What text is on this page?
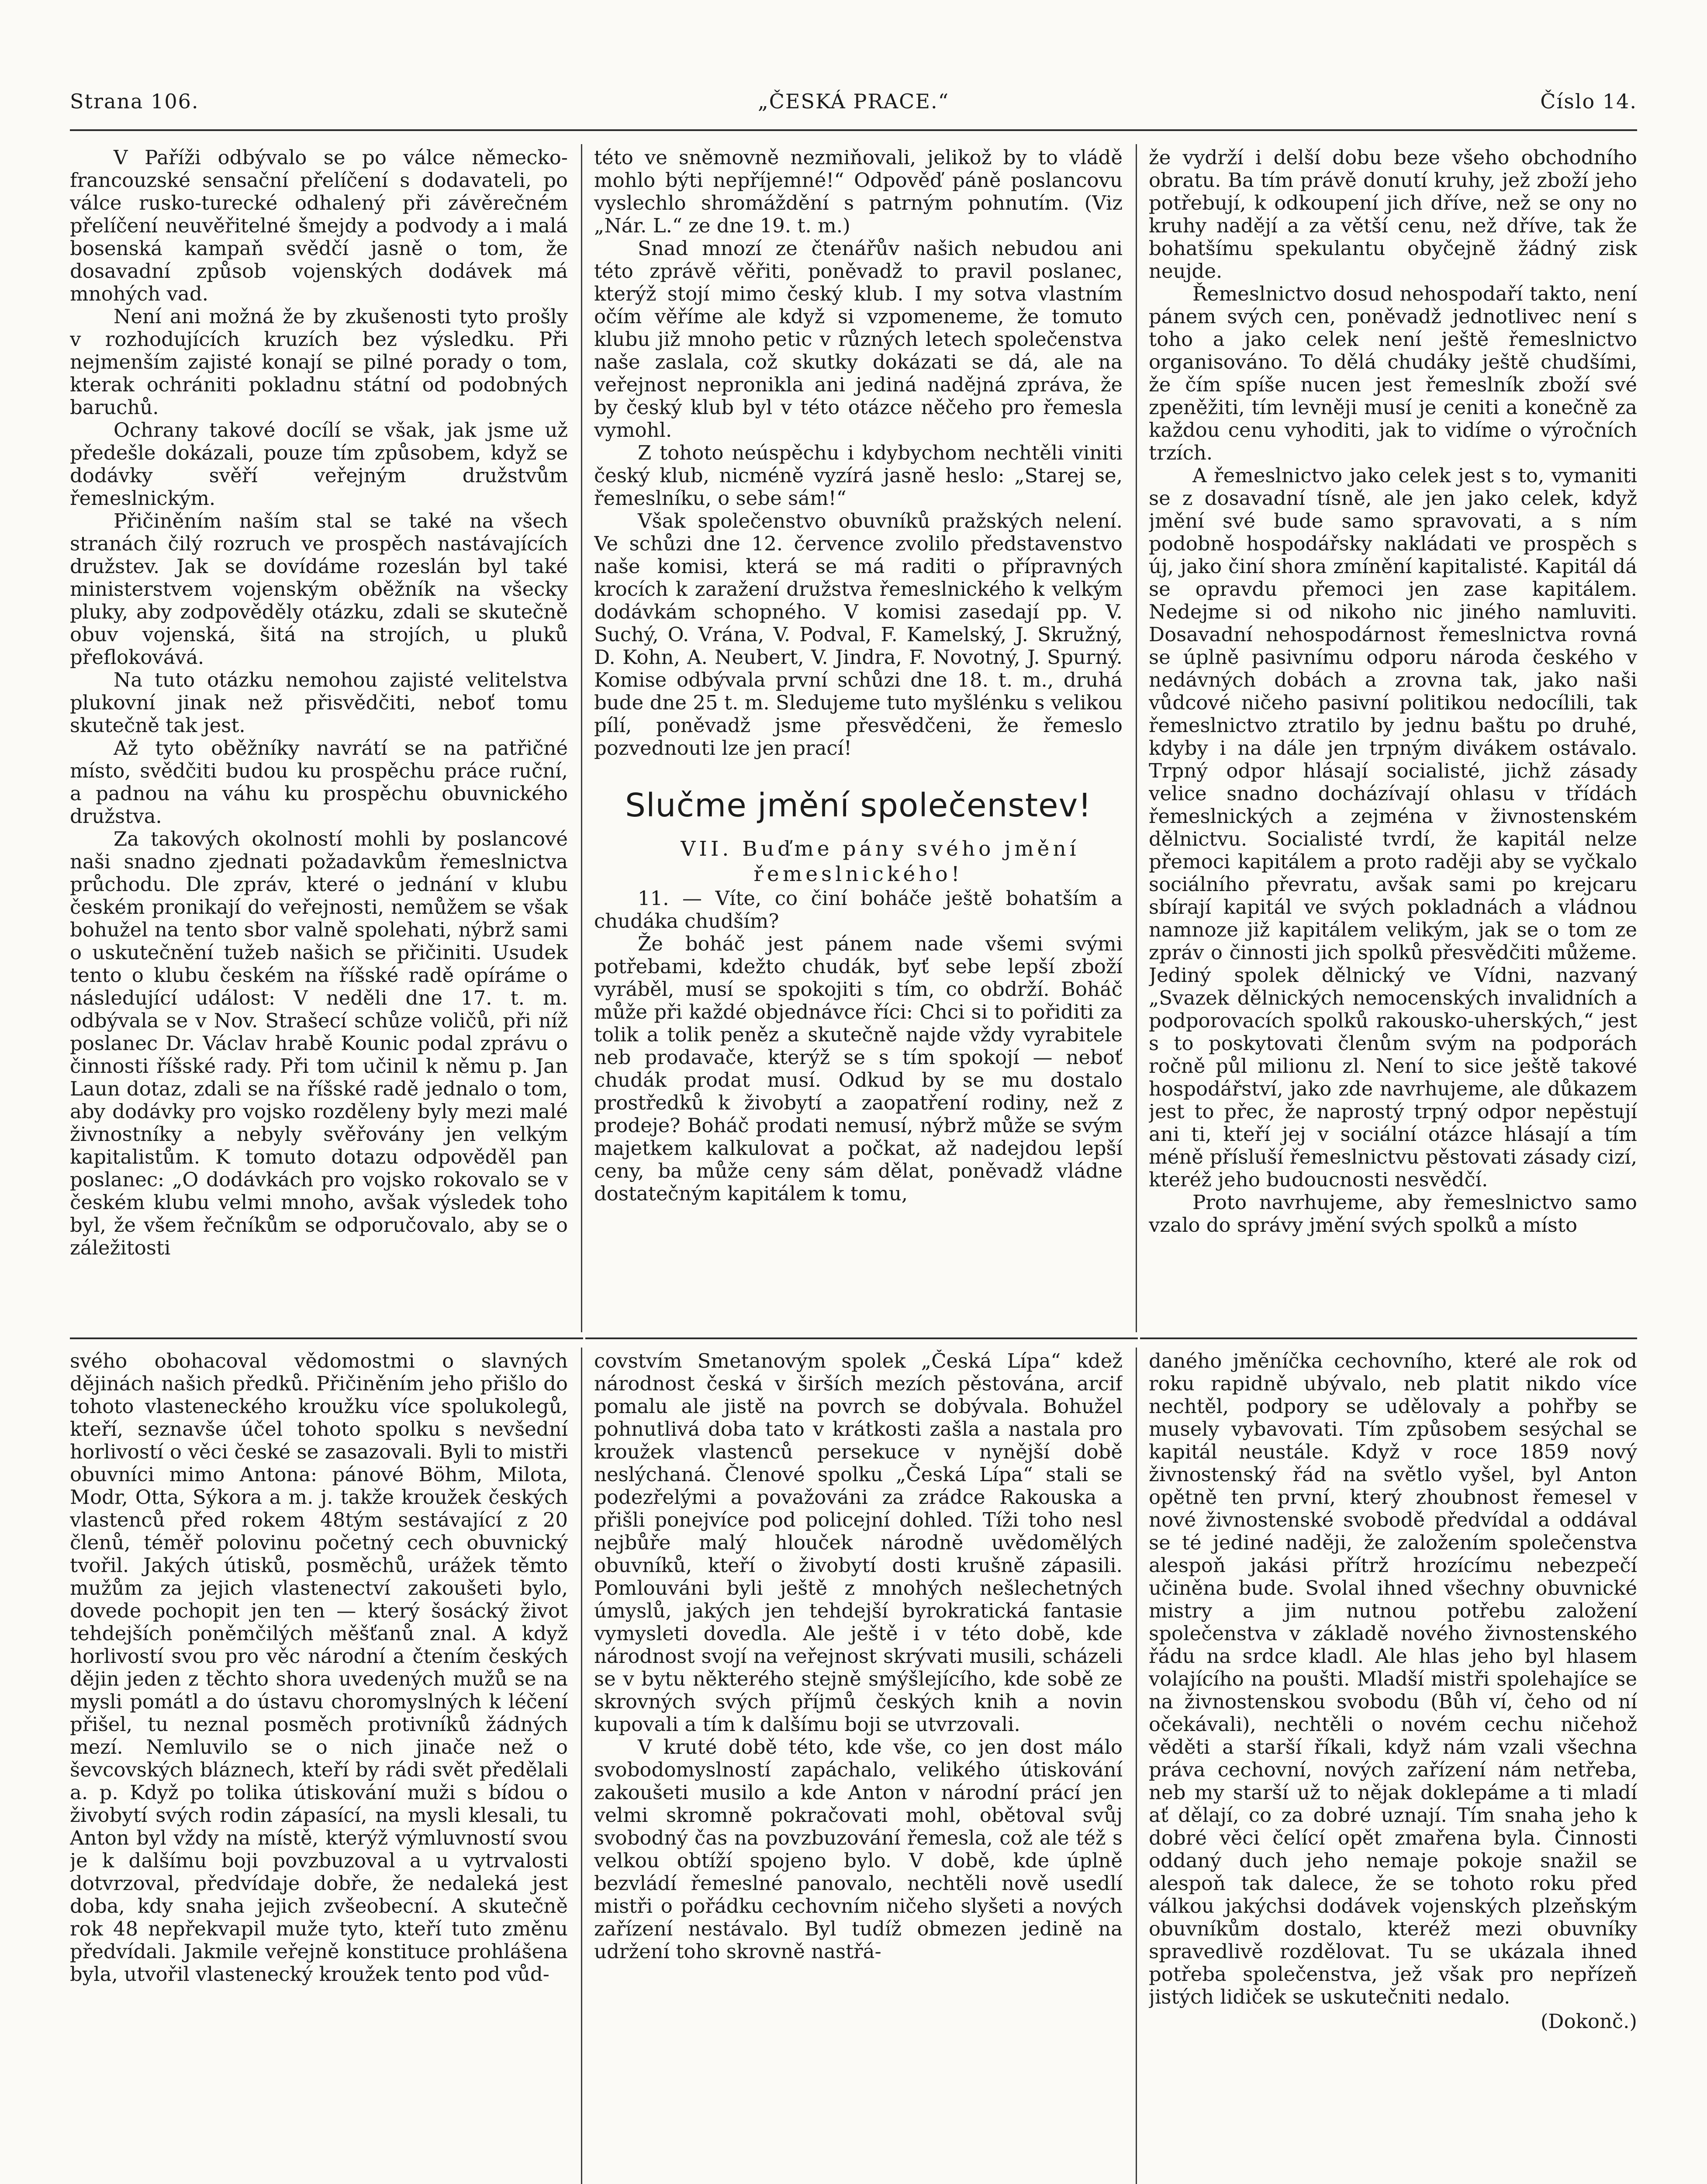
Strana 106.	„ČESKÁ PRACE.“	Číslo 14.

V Paříži odbývalo se po válce německo-francouzské sensační přelíčení s dodavateli, po válce rusko-turecké odhalený při závěrečném přelíčení neuvěřitelné šmejdy a podvody a i malá bosenská kampaň svědčí jasně o tom, že dosavadní způsob vojenských dodávek má mnohých vad.

Není ani možná že by zkušenosti tyto prošly v rozhodujících kruzích bez výsledku. Při nejmenším zajisté konají se pilné porady o tom, kterak ochrániti pokladnu státní od podobných baruchů.

Ochrany takové docílí se však, jak jsme už předešle dokázali, pouze tím způsobem, když se dodávky svěří veřejným družstvům řemeslnickým.

Přičiněním naším stal se také na všech stranách čilý rozruch ve prospěch nastávajících družstev. Jak se dovídáme rozeslán byl také ministerstvem vojenským oběžník na všecky pluky, aby zodpověděly otázku, zdali se skutečně obuv vojenská, šitá na strojích, u pluků přeflokovává.

Na tuto otázku nemohou zajisté velitelstva plukovní jinak než přisvědčiti, neboť tomu skutečně tak jest.

Až tyto oběžníky navrátí se na patřičné místo, svědčiti budou ku prospěchu práce ruční, a padnou na váhu ku prospěchu obuvnického družstva.

Za takových okolností mohli by poslancové naši snadno zjednati požadavkům řemeslnictva průchodu. Dle zpráv, které o jednání v klubu českém pronikají do veřejnosti, nemůžem se však bohužel na tento sbor valně spolehati, nýbrž sami o uskutečnění tužeb našich se přičiniti. Usudek tento o klubu českém na říšské radě opíráme o následující událost: V neděli dne 17. t. m. odbývala se v Nov. Strašecí schůze voličů, při níž poslanec Dr. Václav hrabě Kounic podal zprávu o činnosti říšské rady. Při tom učinil k němu p. Jan Laun dotaz, zdali se na říšské radě jednalo o tom, aby dodávky pro vojsko rozděleny byly mezi malé živnostníky a nebyly svěřovány jen velkým kapitalistům. K tomuto dotazu odpověděl pan poslanec: „O dodávkách pro vojsko rokovalo se v českém klubu velmi mnoho, avšak výsledek toho byl, že všem řečníkům se odporučovalo, aby se o záležitosti

této ve sněmovně nezmiňovali, jelikož by to vládě mohlo býti nepříjemné!“ Odpověď páně poslancovu vyslechlo shromáždění s patrným pohnutím. (Viz „Nár. L.“ ze dne 19. t. m.)

Snad mnozí ze čtenářův našich nebudou ani této zprávě věřiti, poněvadž to pravil poslanec, kterýž stojí mimo český klub. I my sotva vlastním očím věříme ale když si vzpomeneme, že tomuto klubu již mnoho petic v různých letech společenstva naše zaslala, což skutky dokázati se dá, ale na veřejnost nepronikla ani jediná nadějná zpráva, že by český klub byl v této otázce něčeho pro řemesla vymohl.

Z tohoto neúspěchu i kdybychom nechtěli viniti český klub, nicméně vyzírá jasně heslo: „Starej se, řemeslníku, o sebe sám!“

Však společenstvo obuvníků pražských nelení. Ve schůzi dne 12. července zvolilo představenstvo naše komisi, která se má raditi o přípravných krocích k zaražení družstva řemeslnického k velkým dodávkám schopného. V komisi zasedají pp. V. Suchý, O. Vrána, V. Podval, F. Kamelský, J. Skružný, D. Kohn, A. Neubert, V. Jindra, F. Novotný, J. Spurný. Komise odbývala první schůzi dne 18. t. m., druhá bude dne 25 t. m. Sledujeme tuto myšlénku s velikou pílí, poněvadž jsme přesvědčeni, že řemeslo pozvednouti lze jen prací!

Slučme jmění společenstev!

VII. Buďme pány svého jmění řemeslnického!

11. — Víte, co činí boháče ještě bohatším a chudáka chudším?

Že boháč jest pánem nade všemi svými potřebami, kdežto chudák, byť sebe lepší zboží vyráběl, musí se spokojiti s tím, co obdrží. Boháč může při každé objednávce říci: Chci si to pořiditi za tolik a tolik peněz a skutečně najde vždy vyrabitele neb prodavače, kterýž se s tím spokojí — neboť chudák prodat musí. Odkud by se mu dostalo prostředků k živobytí a zaopatření rodiny, než z prodeje? Boháč prodati nemusí, nýbrž může se svým majetkem kalkulovat a počkat, až nadejdou lepší ceny, ba může ceny sám dělat, poněvadž vládne dostatečným kapitálem k tomu,

že vydrží i delší dobu beze všeho obchodního obratu. Ba tím právě donutí kruhy, jež zboží jeho potřebují, k odkoupení jich dříve, než se ony no kruhy nadějí a za větší cenu, než dříve, tak že bohatšímu spekulantu obyčejně žádný zisk neujde.

Řemeslnictvo dosud nehospodaří takto, není pánem svých cen, poněvadž jednotlivec není s toho a jako celek není ještě řemeslnictvo organisováno. To dělá chudáky ještě chudšími, že čím spíše nucen jest řemeslník zboží své zpeněžiti, tím levněji musí je ceniti a konečně za každou cenu vyhoditi, jak to vidíme o výročních trzích.

A řemeslnictvo jako celek jest s to, vymaniti se z dosavadní tísně, ale jen jako celek, když jmění své bude samo spravovati, a s ním podobně hospodářsky nakládati ve prospěch s új, jako činí shora zmínění kapitalisté. Kapitál dá se opravdu přemoci jen zase kapitálem. Nedejme si od nikoho nic jiného namluviti. Dosavadní nehospodárnost řemeslnictva rovná se úplně pasivnímu odporu národa českého v nedávných dobách a zrovna tak, jako naši vůdcové ničeho pasivní politikou nedocílili, tak řemeslnictvo ztratilo by jednu baštu po druhé, kdyby i na dále jen trpným divákem ostávalo. Trpný odpor hlásají socialisté, jichž zásady velice snadno docházívají ohlasu v třídách řemeslnických a zejména v živnostenském dělnictvu. Socialisté tvrdí, že kapitál nelze přemoci kapitálem a proto raději aby se vyčkalo sociálního převratu, avšak sami po krejcaru sbírají kapitál ve svých pokladnách a vládnou namnoze již kapitálem velikým, jak se o tom ze zpráv o činnosti jich spolků přesvědčiti můžeme. Jediný spolek dělnický ve Vídni, nazvaný „Svazek dělnických nemocenských invalidních a podporovacích spolků rakousko-uherských,“ jest s to poskytovati členům svým na podporách ročně půl milionu zl. Není to sice ještě takové hospodářství, jako zde navrhujeme, ale důkazem jest to přec, že naprostý trpný odpor nepěstují ani ti, kteří jej v sociální otázce hlásají a tím méně přísluší řemeslnictvu pěstovati zásady cizí, kteréž jeho budoucnosti nesvědčí.

Proto navrhujeme, aby řemeslnictvo samo vzalo do správy jmění svých spolků a místo

svého obohacoval vědomostmi o slavných dějinách našich předků. Přičiněním jeho přišlo do tohoto vlasteneckého kroužku více spolukolegů, kteří, seznavše účel tohoto spolku s nevšední horlivostí o věci české se zasazovali. Byli to mistři obuvníci mimo Antona: pánové Böhm, Milota, Modr, Otta, Sýkora a m. j. takže kroužek českých vlastenců před rokem 48tým sestávající z 20 členů, téměř polovinu početný cech obuvnický tvořil. Jakých útisků, posměchů, urážek těmto mužům za jejich vlastenectví zakoušeti bylo, dovede pochopit jen ten — který šosácký život tehdejších poněmčilých měšťanů znal. A když horlivostí svou pro věc národní a čtením českých dějin jeden z těchto shora uvedených mužů se na mysli pomátl a do ústavu choromyslných k léčení přišel, tu neznal posměch protivníků žádných mezí. Nemluvilo se o nich jinače než o ševcovských bláznech, kteří by rádi svět předělali a. p. Když po tolika útiskování muži s bídou o živobytí svých rodin zápasící, na mysli klesali, tu Anton byl vždy na místě, kterýž výmluvností svou je k dalšímu boji povzbuzoval a u vytrvalosti dotvrzoval, předvídaje dobře, že nedaleká jest doba, kdy snaha jejich zvšeobecní. A skutečně rok 48 nepřekvapil muže tyto, kteří tuto změnu předvídali. Jakmile veřejně konstituce prohlášena byla, utvořil vlastenecký kroužek tento pod vůd-

covstvím Smetanovým spolek „Česká Lípa“ kdež národnost česká v širších mezích pěstována, arcif pomalu ale jistě na povrch se dobývala. Bohužel pohnutlivá doba tato v krátkosti zašla a nastala pro kroužek vlastenců persekuce v nynější době neslýchaná. Členové spolku „Česká Lípa“ stali se podezřelými a považováni za zrádce Rakouska a přišli ponejvíce pod policejní dohled. Tíži toho nesl nejbůře malý hlouček národně uvědomělých obuvníků, kteří o živobytí dosti krušně zápasili. Pomlouváni byli ještě z mnohých nešlechetných úmyslů, jakých jen tehdejší byrokratická fantasie vymysleti dovedla. Ale ještě i v této době, kde národnost svojí na veřejnost skrývati musili, scházeli se v bytu některého stejně smýšlejícího, kde sobě ze skrovných svých příjmů českých knih a novin kupovali a tím k dalšímu boji se utvrzovali.

V kruté době této, kde vše, co jen dost málo svobodomyslností zapáchalo, velikého útiskování zakoušeti musilo a kde Anton v národní prácí jen velmi skromně pokračovati mohl, obětoval svůj svobodný čas na povzbuzování řemesla, což ale též s velkou obtíží spojeno bylo. V době, kde úplně bezvládí řemeslné panovalo, nechtěli nově usedlí mistři o pořádku cechovním ničeho slyšeti a nových zařízení nestávalo. Byl tudíž obmezen jedině na udržení toho skrovně nastřá-

daného jměníčka cechovního, které ale rok od roku rapidně ubývalo, neb platit nikdo více nechtěl, podpory se udělovaly a pohřby se musely vybavovati. Tím způsobem sesýchal se kapitál neustále. Když v roce 1859 nový živnostenský řád na světlo vyšel, byl Anton opětně ten první, který zhoubnost řemesel v nové živnostenské svobodě předvídal a oddával se té jediné naději, že založením společenstva alespoň jakási přítrž hrozícímu nebezpečí učiněna bude. Svolal ihned všechny obuvnické mistry a jim nutnou potřebu založení společenstva v základě nového živnostenského řádu na srdce kladl. Ale hlas jeho byl hlasem volajícího na poušti. Mladší mistři spolehajíce se na živnostenskou svobodu (Bůh ví, čeho od ní očekávali), nechtěli o novém cechu ničehož věděti a starší říkali, když nám vzali všechna práva cechovní, nových zařízení nám netřeba, neb my starší už to nějak doklepáme a ti mladí ať dělají, co za dobré uznají. Tím snaha jeho k dobré věci čelící opět zmařena byla. Činnosti oddaný duch jeho nemaje pokoje snažil se alespoň tak dalece, že se tohoto roku před válkou jakýchsi dodávek vojenských plzeňským obuvníkům dostalo, kteréž mezi obuvníky spravedlivě rozdělovat. Tu se ukázala ihned potřeba společenstva, jež však pro nepřízeň jistých lidiček se uskutečniti nedalo.

(Dokonč.)
